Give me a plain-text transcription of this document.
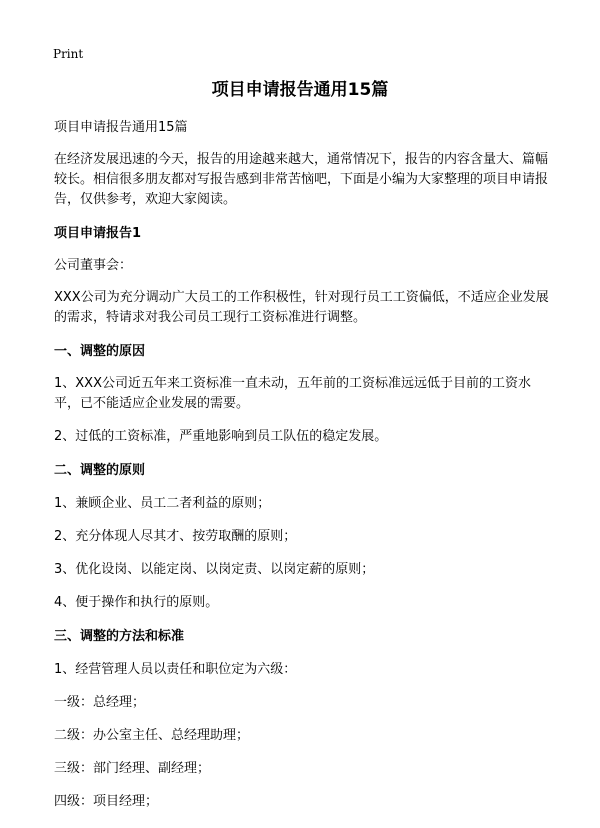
Print
项目申请报告通用15篇

项目申请报告通用15篇

在经济发展迅速的今天，报告的用途越来越大，通常情况下，报告的内容含量大、篇幅较长。相信很多朋友都对写报告感到非常苦恼吧，下面是小编为大家整理的项目申请报告，仅供参考，欢迎大家阅读。

项目申请报告1

公司董事会：

XXX公司为充分调动广大员工的工作积极性，针对现行员工工资偏低，不适应企业发展的需求，特请求对我公司员工现行工资标准进行调整。

一、调整的原因

1、XXX公司近五年来工资标准一直未动，五年前的工资标准远远低于目前的工资水平，已不能适应企业发展的需要。

2、过低的工资标准，严重地影响到员工队伍的稳定发展。

二、调整的原则

1、兼顾企业、员工二者利益的原则；

2、充分体现人尽其才、按劳取酬的原则；

3、优化设岗、以能定岗、以岗定责、以岗定薪的原则；

4、便于操作和执行的原则。

三、调整的方法和标准

1、经营管理人员以责任和职位定为六级：

一级：总经理；

二级：办公室主任、总经理助理；

三级：部门经理、副经理；

四级：项目经理；
